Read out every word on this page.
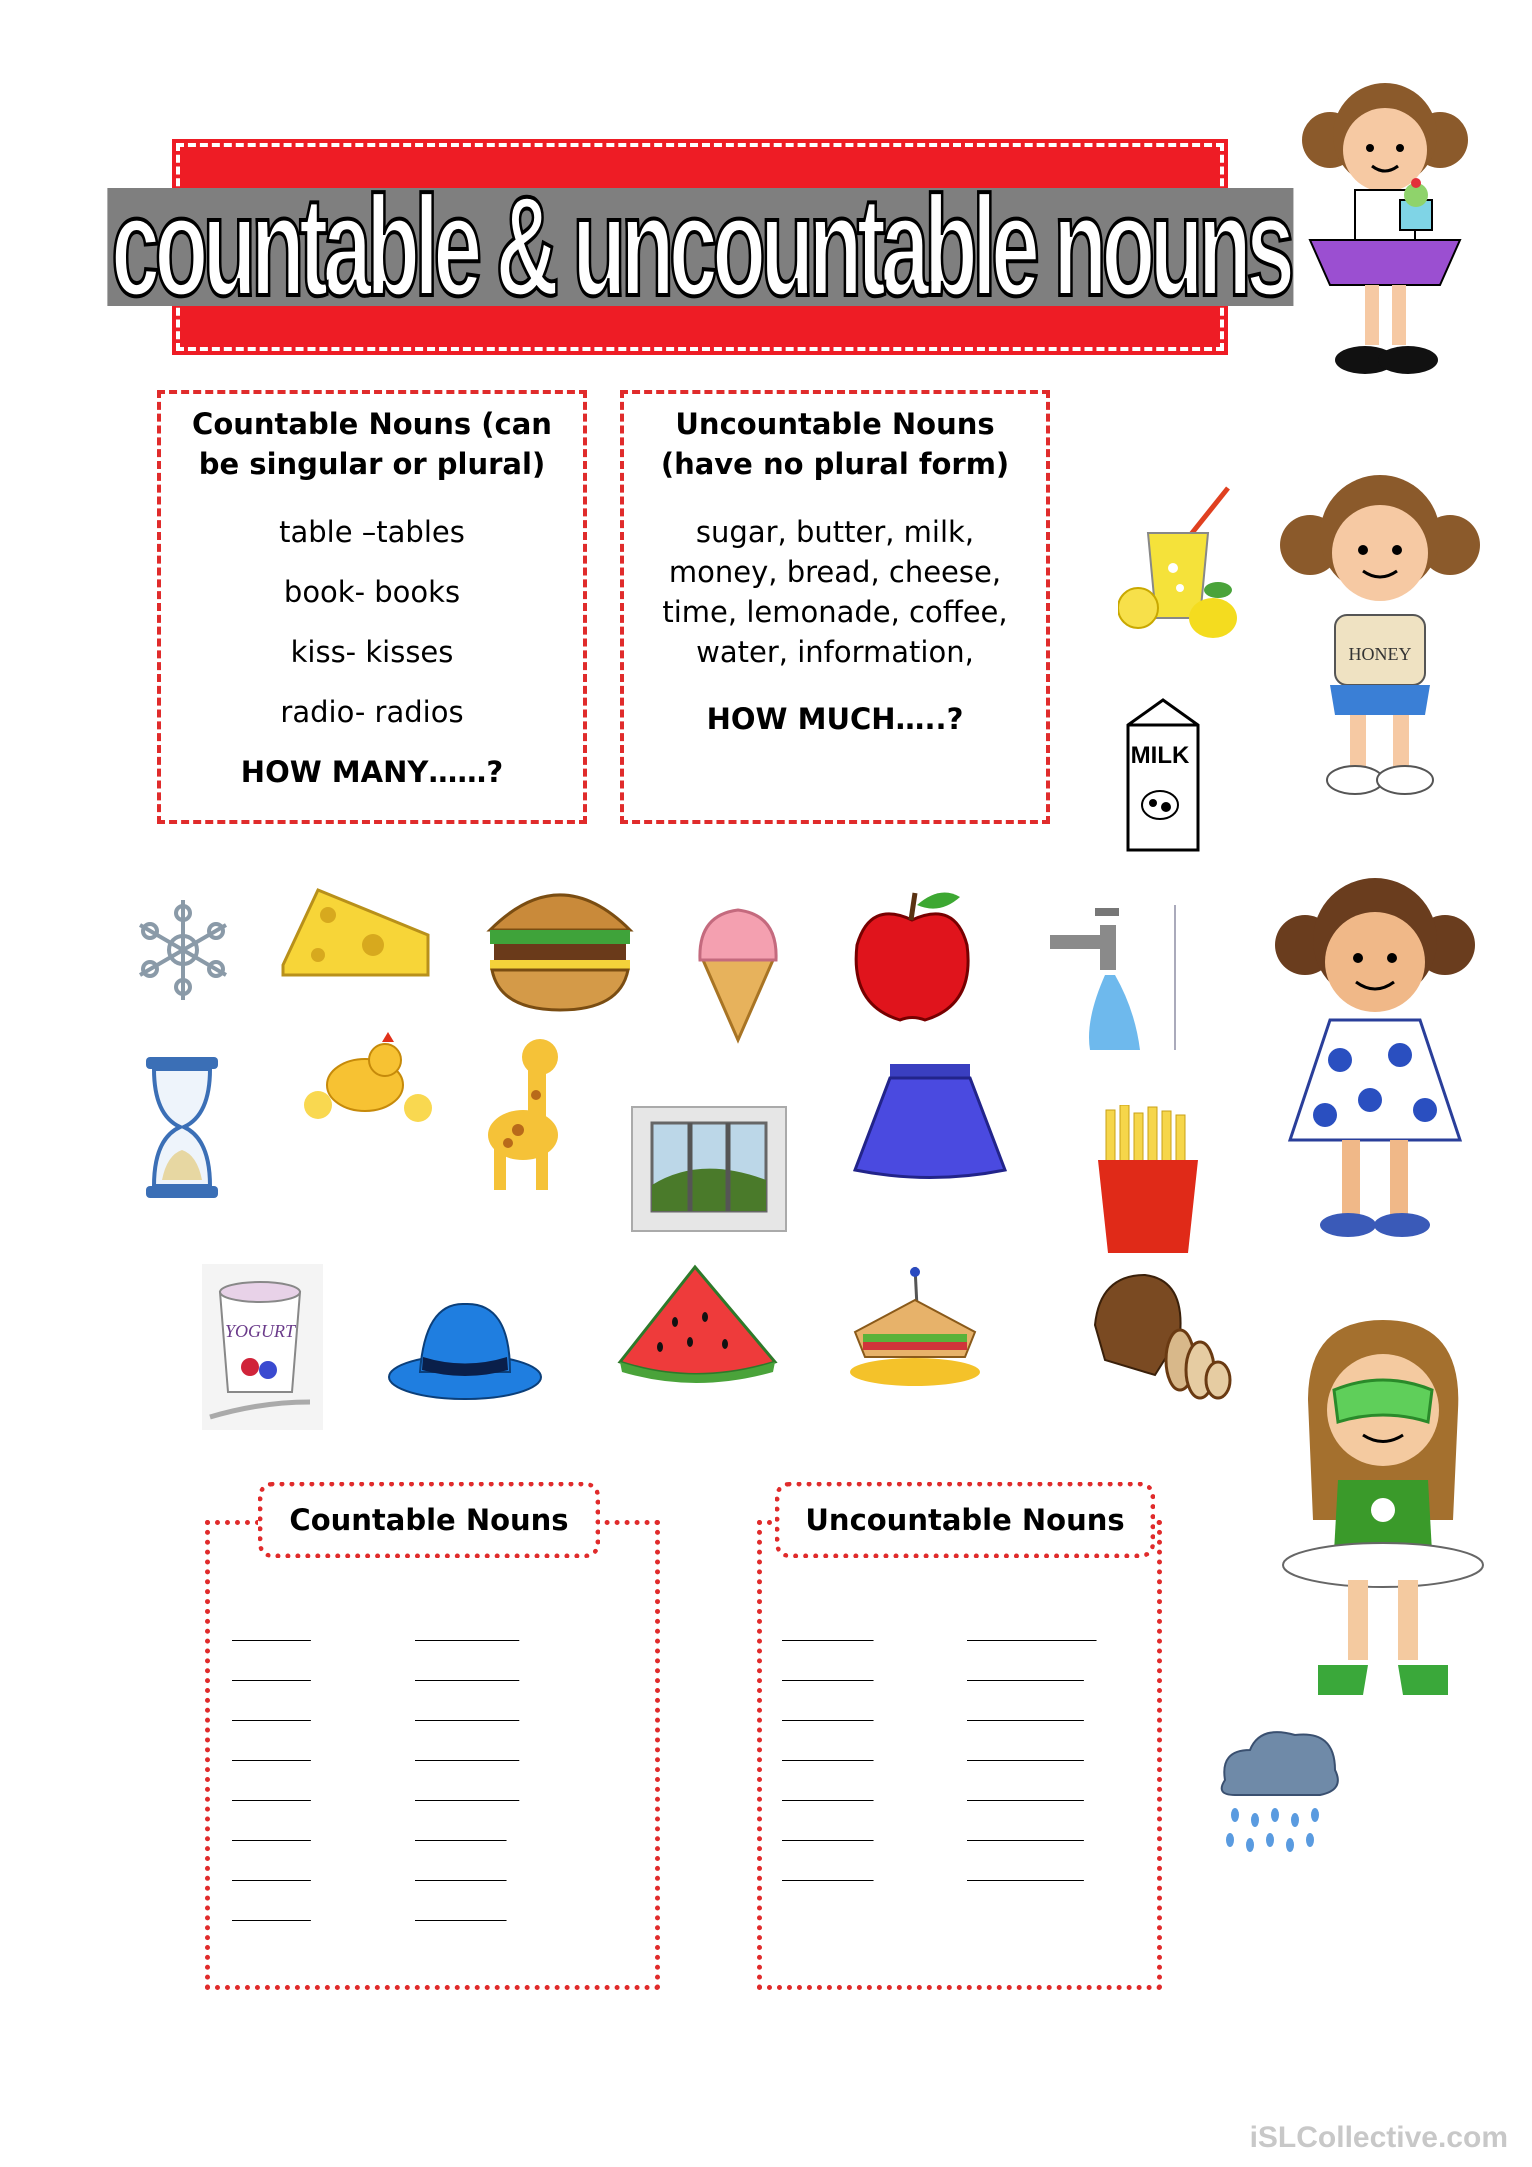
countable & uncountable nouns
Countable Nouns (can
be singular or plural)
table –tables
book- books
kiss- kisses
radio- radios
HOW MANY……?
Uncountable Nouns
(have no plural form)
sugar, butter, milk,
money, bread, cheese,
time, lemonade, coffee,
water, information,
HOW MUCH…..?
HONEY
MILK
YOGURT
______
______
______
______
______
______
______
______
________
________
________
________
________
_______
_______
_______
Countable Nouns
_______
_______
_______
_______
_______
_______
_______
__________
_________
_________
_________
_________
_________
_________
Uncountable Nouns
iSLCollective.com
